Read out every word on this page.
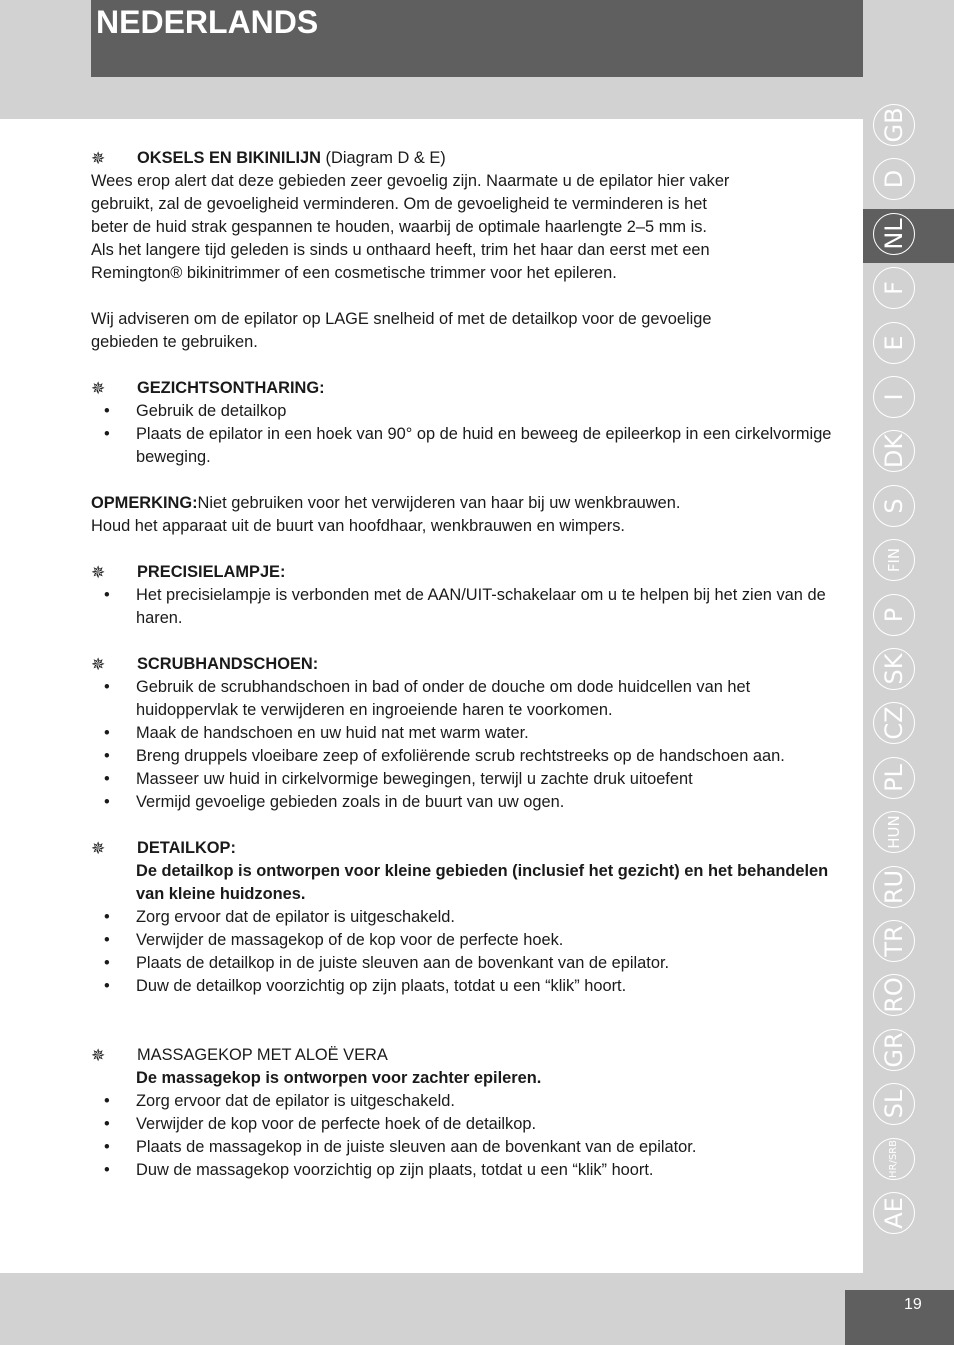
NEDERLANDS
✵ OKSELS EN BIKINILIJN (Diagram D & E)

Wees erop alert dat deze gebieden zeer gevoelig zijn. Naarmate u de epilator hier vaker
gebruikt, zal de gevoeligheid verminderen. Om de gevoeligheid te verminderen is het
beter de huid strak gespannen te houden, waarbij de optimale haarlengte 2–5 mm is.
Als het langere tijd geleden is sinds u onthaard heeft, trim het haar dan eerst met een
Remington® bikinitrimmer of een cosmetische trimmer voor het epileren.

Wij adviseren om de epilator op LAGE snelheid of met de detailkop voor de gevoelige
gebieden te gebruiken.

✵ GEZICHTSONTHARING:
• Gebruik de detailkop
• Plaats de epilator in een hoek van 90° op de huid en beweeg de epileerkop in een cirkelvormige beweging.

OPMERKING:Niet gebruiken voor het verwijderen van haar bij uw wenkbrauwen.
Houd het apparaat uit de buurt van hoofdhaar, wenkbrauwen en wimpers.

✵ PRECISIELAMPJE:
• Het precisielampje is verbonden met de AAN/UIT-schakelaar om u te helpen bij het zien van de haren.
✵ SCRUBHANDSCHOEN:
• Gebruik de scrubhandschoen in bad of onder de douche om dode huidcellen van het huidoppervlak te verwijderen en ingroeiende haren te voorkomen.
• Maak de handschoen en uw huid nat met warm water.
• Breng druppels vloeibare zeep of exfoliërende scrub rechtstreeks op de handschoen aan.
• Masseer uw huid in cirkelvormige bewegingen, terwijl u zachte druk uitoefent
• Vermijd gevoelige gebieden zoals in de buurt van uw ogen.
✵ DETAILKOP:
De detailkop is ontworpen voor kleine gebieden (inclusief het gezicht) en het behandelen van kleine huidzones.
• Zorg ervoor dat de epilator is uitgeschakeld.
• Verwijder de massagekop of de kop voor de perfecte hoek.
• Plaats de detailkop in de juiste sleuven aan de bovenkant van de epilator.
• Duw de detailkop voorzichtig op zijn plaats, totdat u een “klik” hoort.
✵ MASSAGEKOP MET ALOË VERA
De massagekop is ontworpen voor zachter epileren.
• Zorg ervoor dat de epilator is uitgeschakeld.
• Verwijder de kop voor de perfecte hoek of de detailkop.
• Plaats de massagekop in de juiste sleuven aan de bovenkant van de epilator.
• Duw de massagekop voorzichtig op zijn plaats, totdat u een “klik” hoort.
GB
D
NL
F
E
I
DK
S
FIN
P
SK
CZ
PL
HUN
RU
TR
RO
GR
SL
HR/SRB
AE
19
